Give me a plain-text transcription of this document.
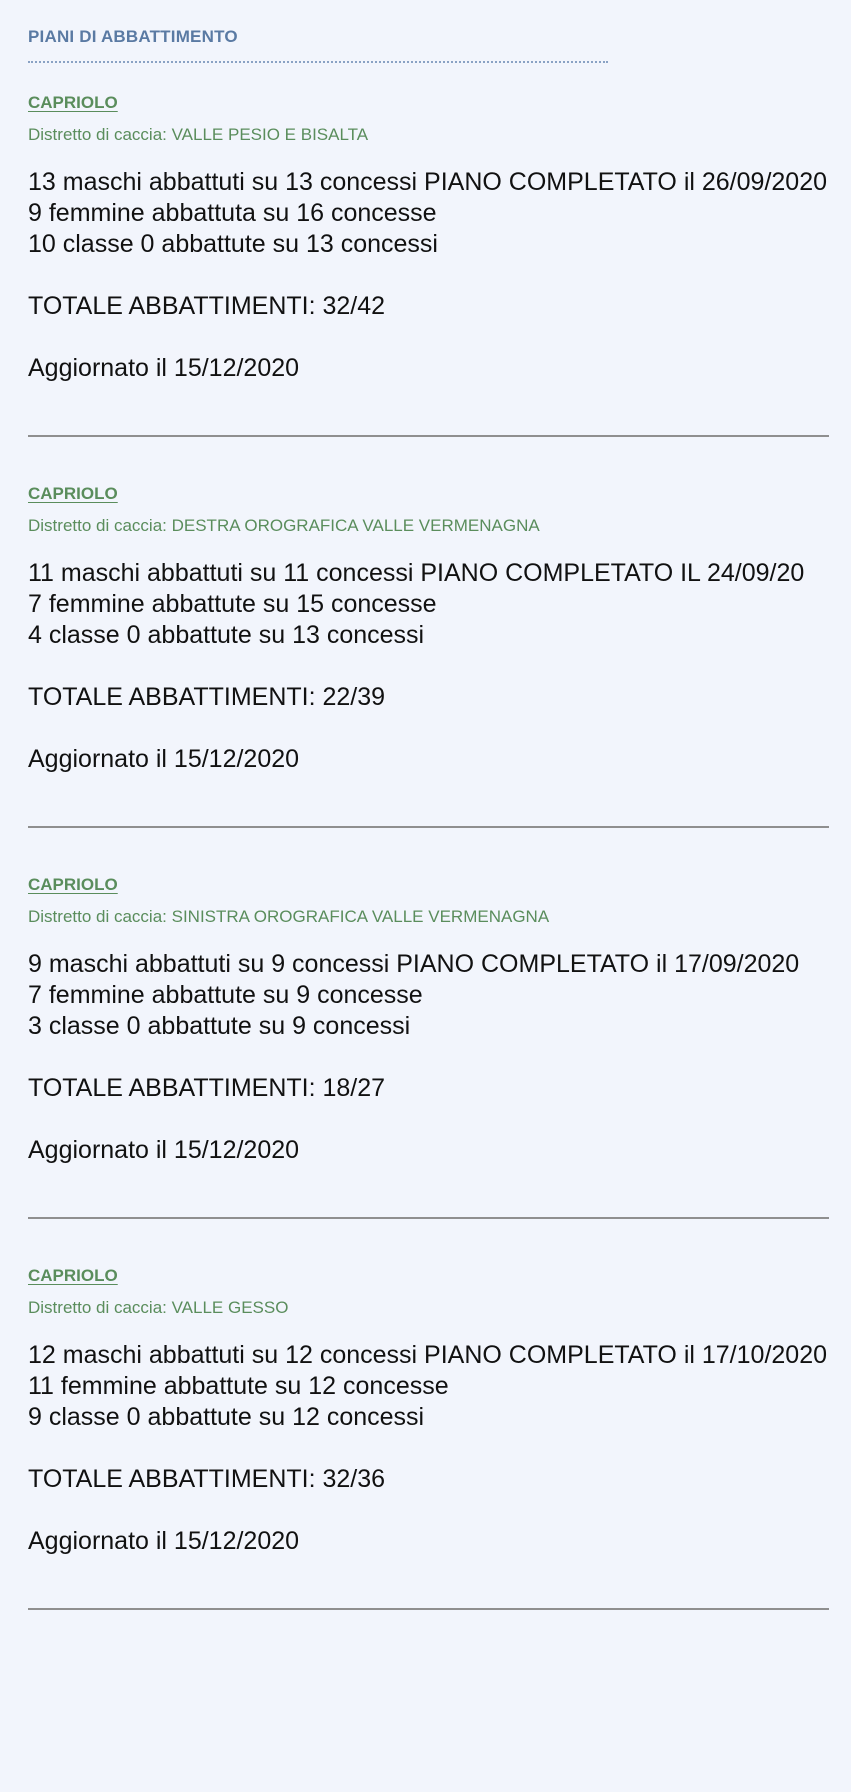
PIANI DI ABBATTIMENTO
CAPRIOLO
Distretto di caccia: VALLE PESIO E BISALTA
13 maschi abbattuti su 13 concessi PIANO COMPLETATO il 26/09/2020
9 femmine abbattuta su 16 concesse
10 classe 0 abbattute su 13 concessi
TOTALE ABBATTIMENTI: 32/42
Aggiornato il 15/12/2020
CAPRIOLO
Distretto di caccia: DESTRA OROGRAFICA VALLE VERMENAGNA
11 maschi abbattuti su 11 concessi PIANO COMPLETATO IL 24/09/20
7 femmine abbattute su 15 concesse
4 classe 0 abbattute su 13 concessi
TOTALE ABBATTIMENTI: 22/39
Aggiornato il 15/12/2020
CAPRIOLO
Distretto di caccia: SINISTRA OROGRAFICA VALLE VERMENAGNA
9 maschi abbattuti su 9 concessi PIANO COMPLETATO il 17/09/2020
7 femmine abbattute su 9 concesse
3 classe 0 abbattute su 9 concessi
TOTALE ABBATTIMENTI: 18/27
Aggiornato il 15/12/2020
CAPRIOLO
Distretto di caccia: VALLE GESSO
12 maschi abbattuti su 12 concessi PIANO COMPLETATO il 17/10/2020
11 femmine abbattute su 12 concesse
9 classe 0 abbattute su 12 concessi
TOTALE ABBATTIMENTI: 32/36
Aggiornato il 15/12/2020
